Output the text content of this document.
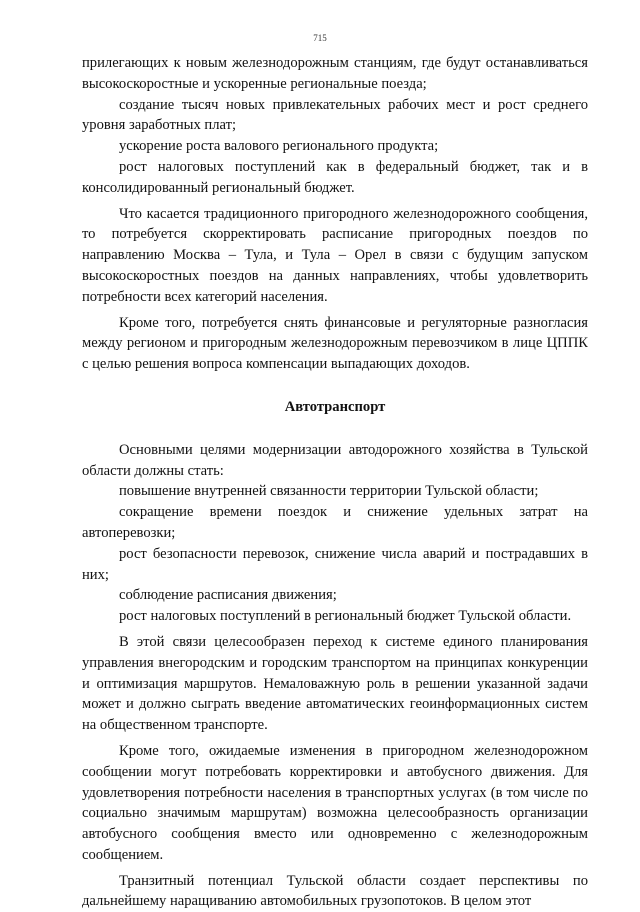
715

прилегающих к новым железнодорожным станциям, где будут останавливаться высокоскоростные и ускоренные региональные поезда;

создание тысяч новых привлекательных рабочих мест и рост среднего уровня заработных плат;

ускорение роста валового регионального продукта;

рост налоговых поступлений как в федеральный бюджет, так и в консолидированный региональный бюджет.

Что касается традиционного пригородного железнодорожного сообщения, то потребуется скорректировать расписание пригородных поездов по направлению Москва – Тула, и Тула – Орел в связи с будущим запуском высокоскоростных поездов на данных направлениях, чтобы удовлетворить потребности всех категорий населения.

Кроме того, потребуется снять финансовые и регуляторные разногласия между регионом и пригородным железнодорожным перевозчиком в лице ЦППК с целью решения вопроса компенсации выпадающих доходов.

Автотранспорт

Основными целями модернизации автодорожного хозяйства в Тульской области должны стать:

повышение внутренней связанности территории Тульской области;

сокращение времени поездок и снижение удельных затрат на автоперевозки;

рост безопасности перевозок, снижение числа аварий и пострадавших в них;

соблюдение расписания движения;

рост налоговых поступлений в региональный бюджет Тульской области.

В этой связи целесообразен переход к системе единого планирования управления внегородским и городским транспортом на принципах конкуренции и оптимизация маршрутов. Немаловажную роль в решении указанной задачи может и должно сыграть введение автоматических геоинформационных систем на общественном транспорте.

Кроме того, ожидаемые изменения в пригородном железнодорожном сообщении могут потребовать корректировки и автобусного движения. Для удовлетворения потребности населения в транспортных услугах (в том числе по социально значимым маршрутам) возможна целесообразность организации автобусного сообщения вместо или одновременно с железнодорожным сообщением.

Транзитный потенциал Тульской области создает перспективы по дальнейшему наращиванию автомобильных грузопотоков. В целом этот
